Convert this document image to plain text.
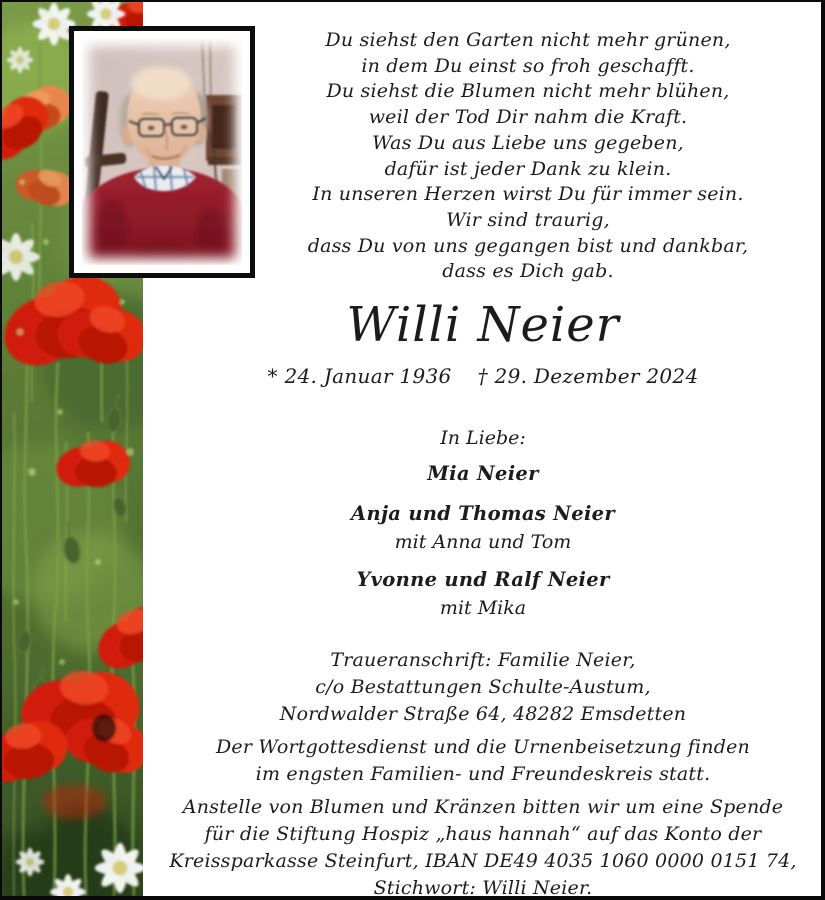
Du siehst den Garten nicht mehr grünen,
in dem Du einst so froh geschafft.
Du siehst die Blumen nicht mehr blühen,
weil der Tod Dir nahm die Kraft.
Was Du aus Liebe uns gegeben,
dafür ist jeder Dank zu klein.
In unseren Herzen wirst Du für immer sein.
Wir sind traurig,
dass Du von uns gegangen bist und dankbar,
dass es Dich gab.
Willi Neier
* 24. Januar 1936 † 29. Dezember 2024
In Liebe:
Mia Neier
Anja und Thomas Neier
mit Anna und Tom
Yvonne und Ralf Neier
mit Mika
Traueranschrift: Familie Neier,
c/o Bestattungen Schulte-Austum,
Nordwalder Straße 64, 48282 Emsdetten
Der Wortgottesdienst und die Urnenbeisetzung finden
im engsten Familien- und Freundeskreis statt.
Anstelle von Blumen und Kränzen bitten wir um eine Spende
für die Stiftung Hospiz „haus hannah“ auf das Konto der
Kreissparkasse Steinfurt, IBAN DE49 4035 1060 0000 0151 74,
Stichwort: Willi Neier.
